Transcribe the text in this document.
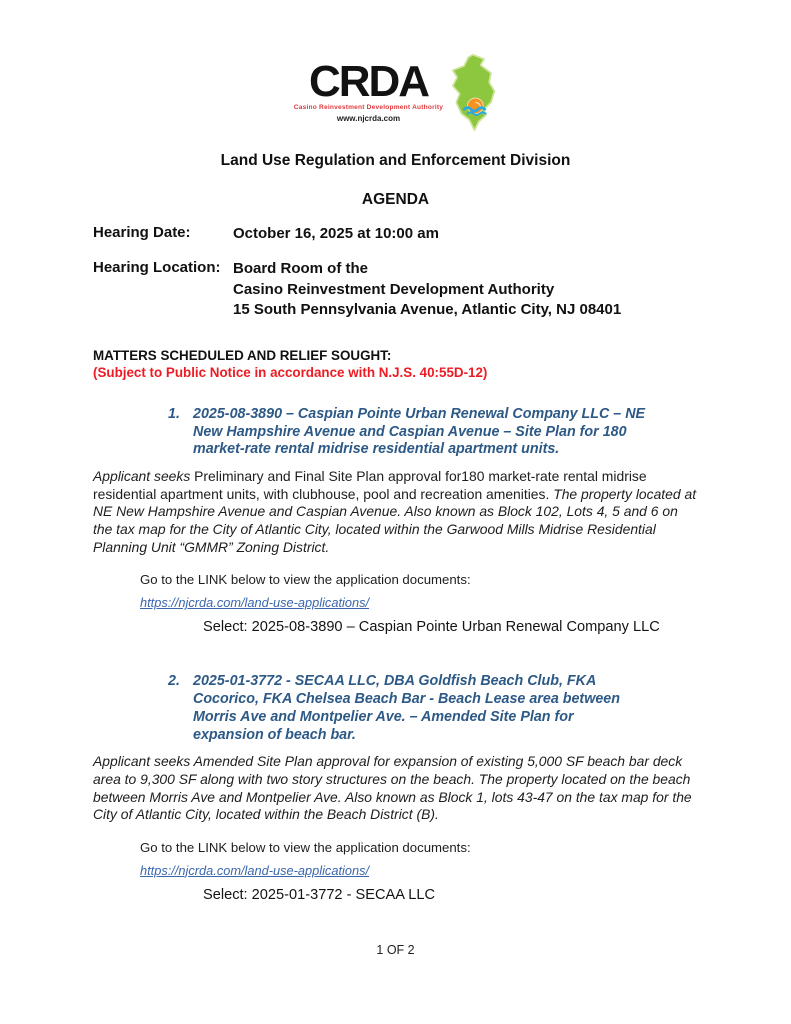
CRDA
Casino Reinvestment Development Authority
www.njcrda.com
Land Use Regulation and Enforcement Division
AGENDA
Hearing Date:	October 16, 2025 at 10:00 am
Hearing Location: Board Room of the
Casino Reinvestment Development Authority
15 South Pennsylvania Avenue, Atlantic City, NJ 08401
MATTERS SCHEDULED AND RELIEF SOUGHT:
(Subject to Public Notice in accordance with N.J.S. 40:55D-12)
1. 2025-08-3890 – Caspian Pointe Urban Renewal Company LLC – NE New Hampshire Avenue and Caspian Avenue – Site Plan for 180 market-rate rental midrise residential apartment units.

Applicant seeks Preliminary and Final Site Plan approval for180 market-rate rental midrise residential apartment units, with clubhouse, pool and recreation amenities. The property located at NE New Hampshire Avenue and Caspian Avenue. Also known as Block 102, Lots 4, 5 and 6 on the tax map for the City of Atlantic City, located within the Garwood Mills Midrise Residential Planning Unit “GMMR” Zoning District.

Go to the LINK below to view the application documents:
https://njcrda.com/land-use-applications/
Select: 2025-08-3890 – Caspian Pointe Urban Renewal Company LLC
2. 2025-01-3772 - SECAA LLC, DBA Goldfish Beach Club, FKA Cocorico, FKA Chelsea Beach Bar - Beach Lease area between Morris Ave and Montpelier Ave. – Amended Site Plan for expansion of beach bar.

Applicant seeks Amended Site Plan approval for expansion of existing 5,000 SF beach bar deck area to 9,300 SF along with two story structures on the beach. The property located on the beach between Morris Ave and Montpelier Ave. Also known as Block 1, lots 43-47 on the tax map for the City of Atlantic City, located within the Beach District (B).

Go to the LINK below to view the application documents:
https://njcrda.com/land-use-applications/
Select: 2025-01-3772 - SECAA LLC
1 OF 2
